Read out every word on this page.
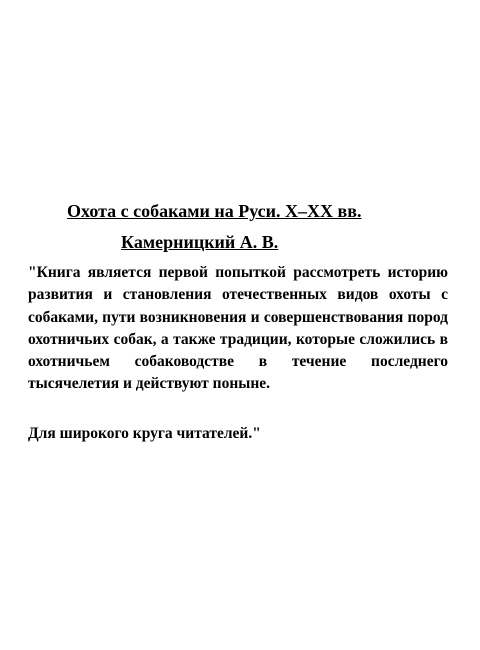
Охота с собаками на Руси. X–XX вв.
Камерницкий А. В.

"Книга является первой попыткой рассмотреть историю развития и становления отечественных видов охоты с собаками, пути возникновения и совершенствования пород охотничьих собак, а также традиции, которые сложились в охотничьем собаководстве в течение последнего тысячелетия и действуют поныне.

Для широкого круга читателей."
